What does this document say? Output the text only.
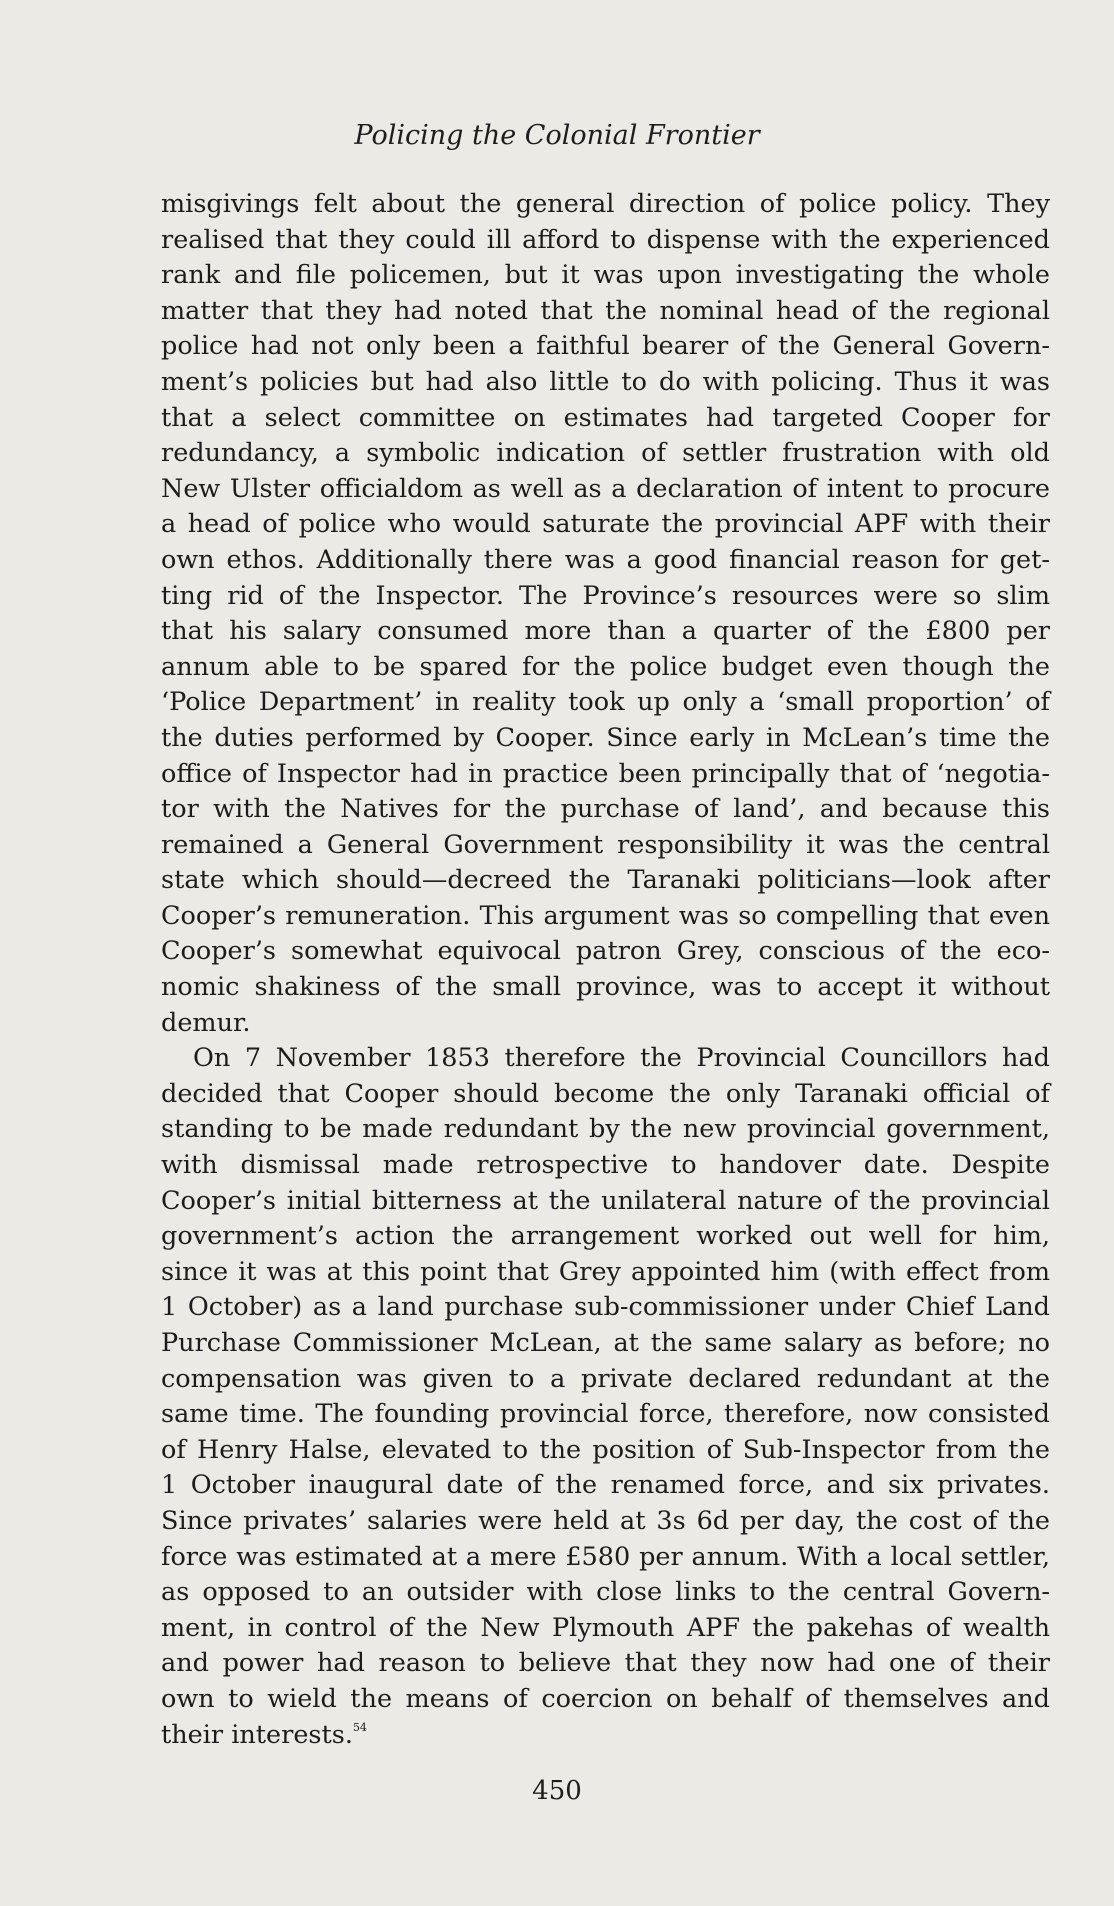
Policing the Colonial Frontier
misgivings felt about the general direction of police policy. They
realised that they could ill afford to dispense with the experienced
rank and file policemen, but it was upon investigating the whole
matter that they had noted that the nominal head of the regional
police had not only been a faithful bearer of the General Govern-
ment’s policies but had also little to do with policing. Thus it was
that a select committee on estimates had targeted Cooper for
redundancy, a symbolic indication of settler frustration with old
New Ulster officialdom as well as a declaration of intent to procure
a head of police who would saturate the provincial APF with their
own ethos. Additionally there was a good financial reason for get-
ting rid of the Inspector. The Province’s resources were so slim
that his salary consumed more than a quarter of the £800 per
annum able to be spared for the police budget even though the
‘Police Department’ in reality took up only a ‘small proportion’ of
the duties performed by Cooper. Since early in McLean’s time the
office of Inspector had in practice been principally that of ‘negotia-
tor with the Natives for the purchase of land’, and because this
remained a General Government responsibility it was the central
state which should—decreed the Taranaki politicians—look after
Cooper’s remuneration. This argument was so compelling that even
Cooper’s somewhat equivocal patron Grey, conscious of the eco-
nomic shakiness of the small province, was to accept it without
demur.
On 7 November 1853 therefore the Provincial Councillors had
decided that Cooper should become the only Taranaki official of
standing to be made redundant by the new provincial government,
with dismissal made retrospective to handover date. Despite
Cooper’s initial bitterness at the unilateral nature of the provincial
government’s action the arrangement worked out well for him,
since it was at this point that Grey appointed him (with effect from
1 October) as a land purchase sub-commissioner under Chief Land
Purchase Commissioner McLean, at the same salary as before; no
compensation was given to a private declared redundant at the
same time. The founding provincial force, therefore, now consisted
of Henry Halse, elevated to the position of Sub-Inspector from the
1 October inaugural date of the renamed force, and six privates.
Since privates’ salaries were held at 3s 6d per day, the cost of the
force was estimated at a mere £580 per annum. With a local settler,
as opposed to an outsider with close links to the central Govern-
ment, in control of the New Plymouth APF the pakehas of wealth
and power had reason to believe that they now had one of their
own to wield the means of coercion on behalf of themselves and
their interests.$^{54}$
450
